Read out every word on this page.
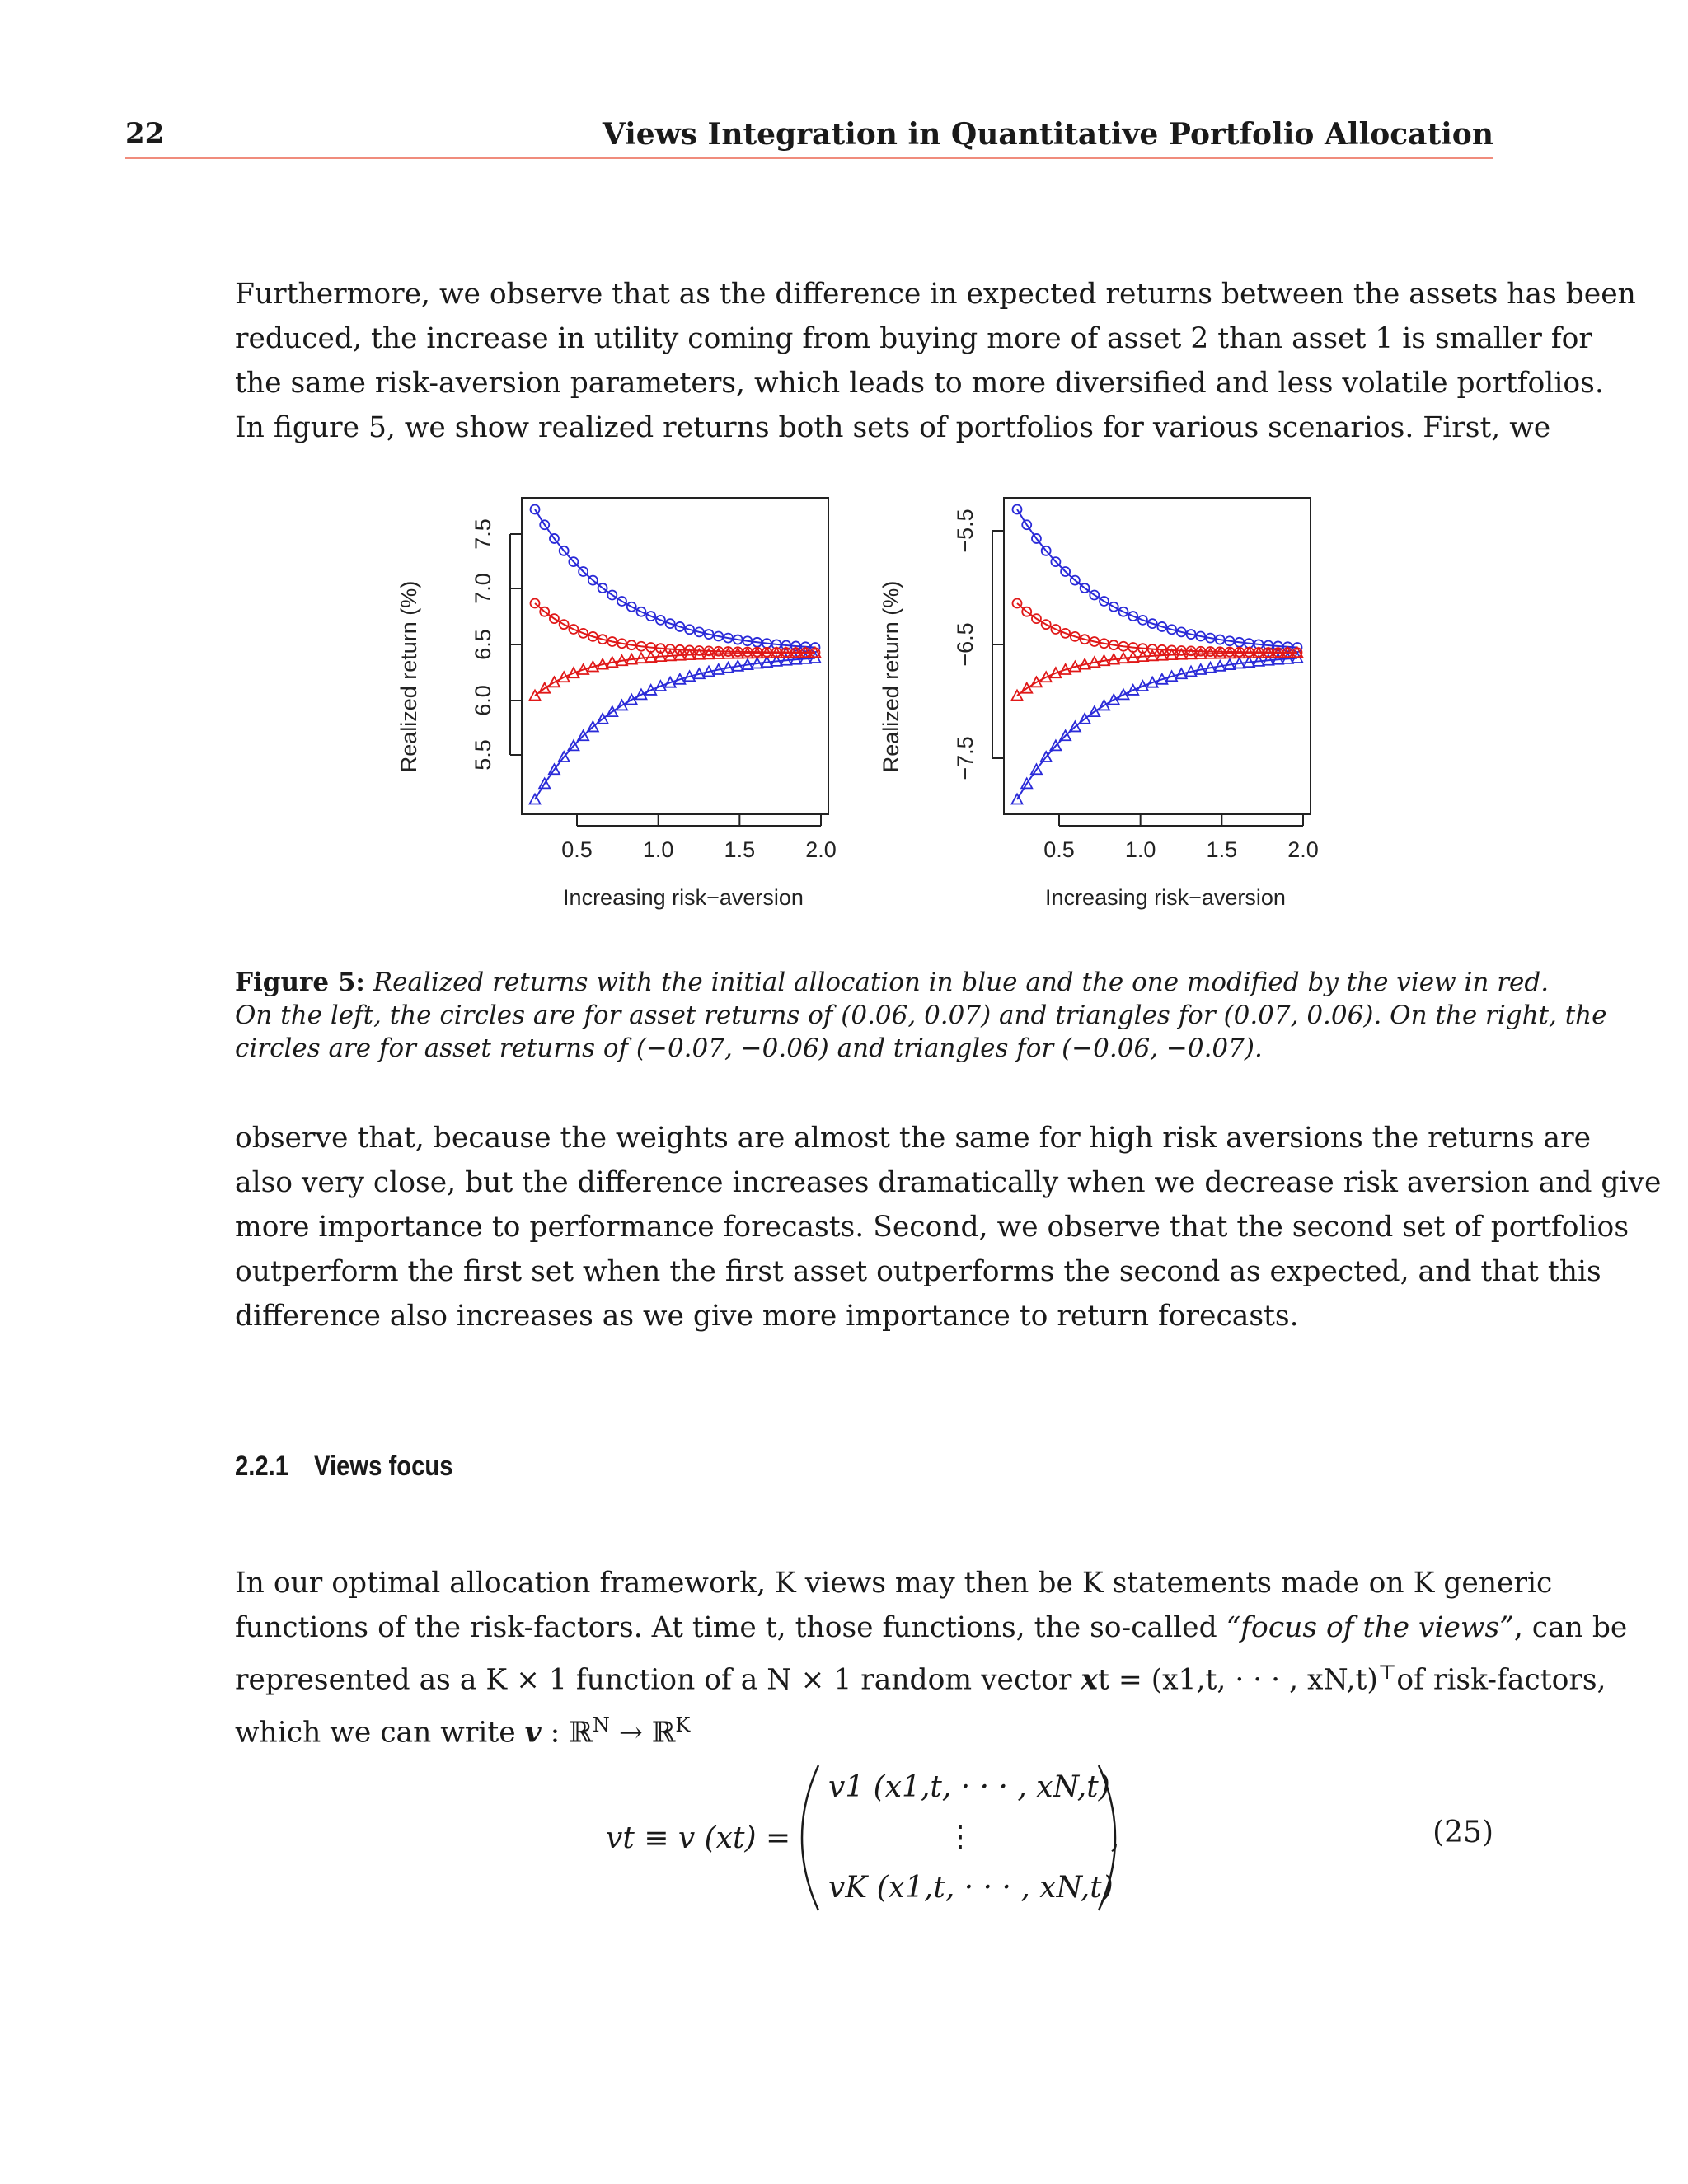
22	Views Integration in Quantitative Portfolio Allocation
Furthermore, we observe that as the difference in expected returns between the assets has been
reduced, the increase in utility coming from buying more of asset 2 than asset 1 is smaller for
the same risk-aversion parameters, which leads to more diversified and less volatile portfolios.
In figure 5, we show realized returns both sets of portfolios for various scenarios. First, we
0.5 1.0 1.5 2.0
5.5
6.0
6.5
7.0
7.5
Realized return (%)
Increasing risk−aversion
0.5 1.0 1.5 2.0
−7.5
−6.5
−5.5
Realized return (%)
Increasing risk−aversion
Figure 5: Realized returns with the initial allocation in blue and the one modified by the view in red.
On the left, the circles are for asset returns of (0.06, 0.07) and triangles for (0.07, 0.06). On the right, the
circles are for asset returns of (−0.07, −0.06) and triangles for (−0.06, −0.07).
observe that, because the weights are almost the same for high risk aversions the returns are
also very close, but the difference increases dramatically when we decrease risk aversion and give
more importance to performance forecasts. Second, we observe that the second set of portfolios
outperform the first set when the first asset outperforms the second as expected, and that this
difference also increases as we give more importance to return forecasts.
2.2.1 Views focus
In our optimal allocation framework, K views may then be K statements made on K generic
functions of the risk-factors. At time t, those functions, the so-called “focus of the views”, can be
represented as a K × 1 function of a N × 1 random vector xt = (x1,t, · · · , xN,t)⊤of risk-factors,
which we can write v : ℝ$^N$ → ℝ$^K$
vt ≡ v (xt) =
v1 (x1,t, · · · , xN,t)
⋮
vK (x1,t, · · · , xN,t)
,	(25)
